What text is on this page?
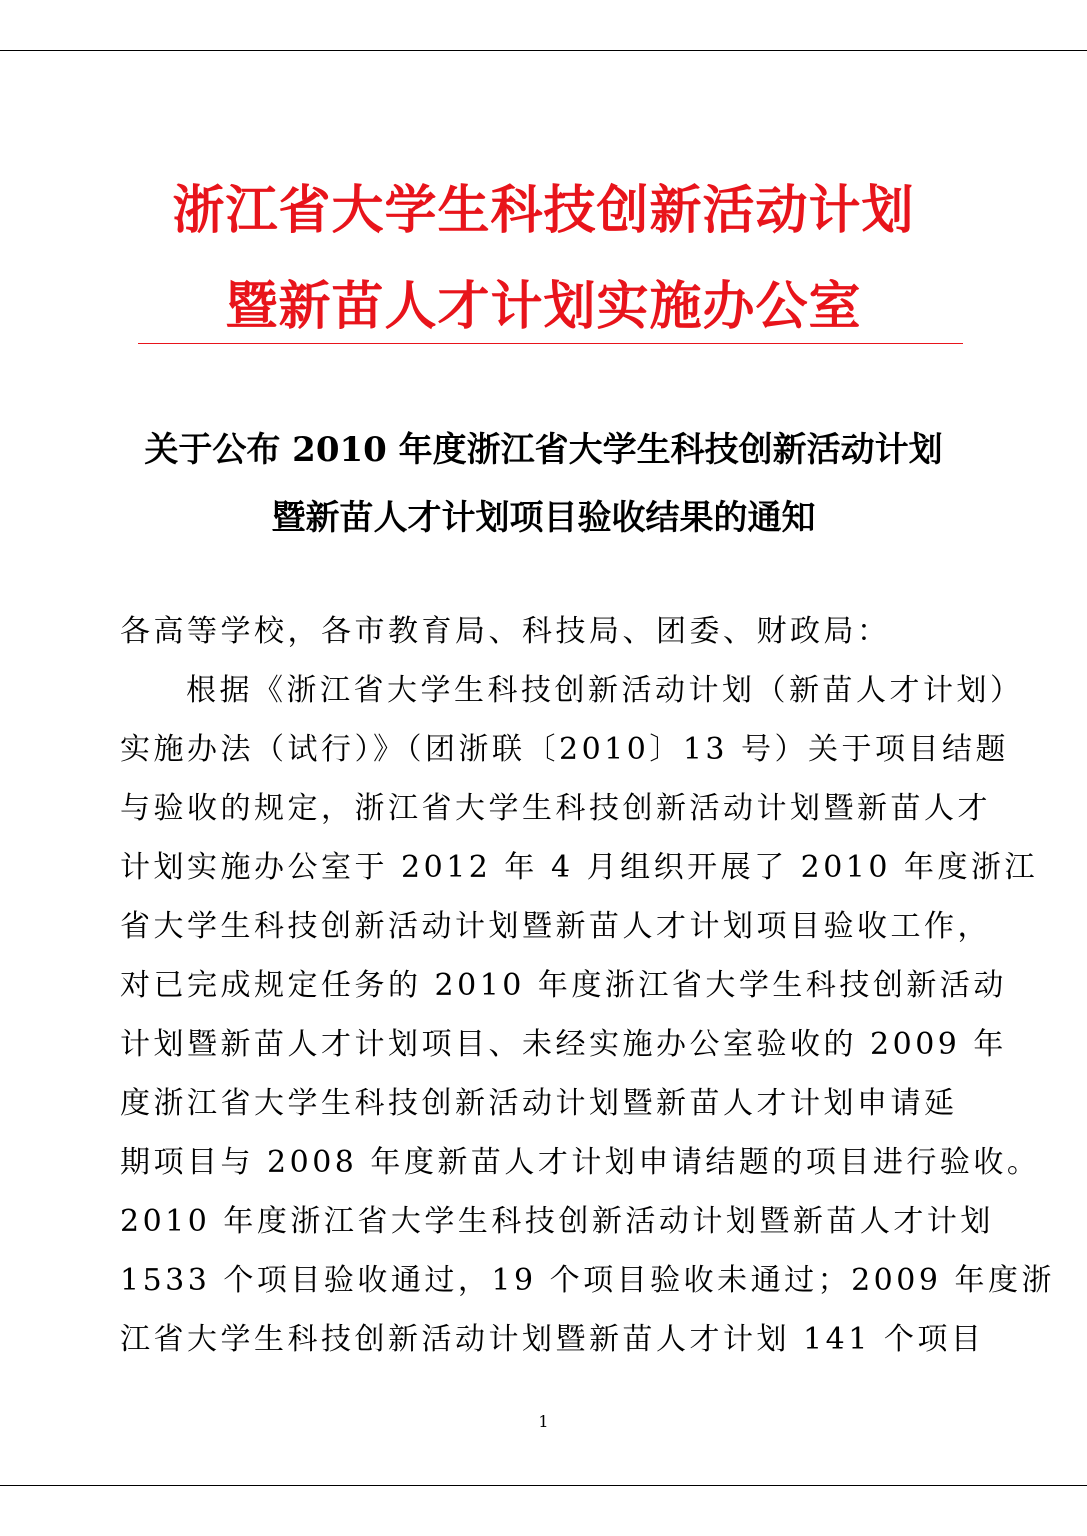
浙江省大学生科技创新活动计划
暨新苗人才计划实施办公室
关于公布 2010 年度浙江省大学生科技创新活动计划
暨新苗人才计划项目验收结果的通知
各高等学校，各市教育局、科技局、团委、财政局：
根据《浙江省大学生科技创新活动计划（新苗人才计划）
实施办法（试行）》（团浙联〔2010〕13 号）关于项目结题
与验收的规定，浙江省大学生科技创新活动计划暨新苗人才
计划实施办公室于 2012 年 4 月组织开展了 2010 年度浙江
省大学生科技创新活动计划暨新苗人才计划项目验收工作，
对已完成规定任务的 2010 年度浙江省大学生科技创新活动
计划暨新苗人才计划项目、未经实施办公室验收的 2009 年
度浙江省大学生科技创新活动计划暨新苗人才计划申请延
期项目与 2008 年度新苗人才计划申请结题的项目进行验收。
2010 年度浙江省大学生科技创新活动计划暨新苗人才计划
1533 个项目验收通过，19 个项目验收未通过；2009 年度浙
江省大学生科技创新活动计划暨新苗人才计划 141 个项目
1
